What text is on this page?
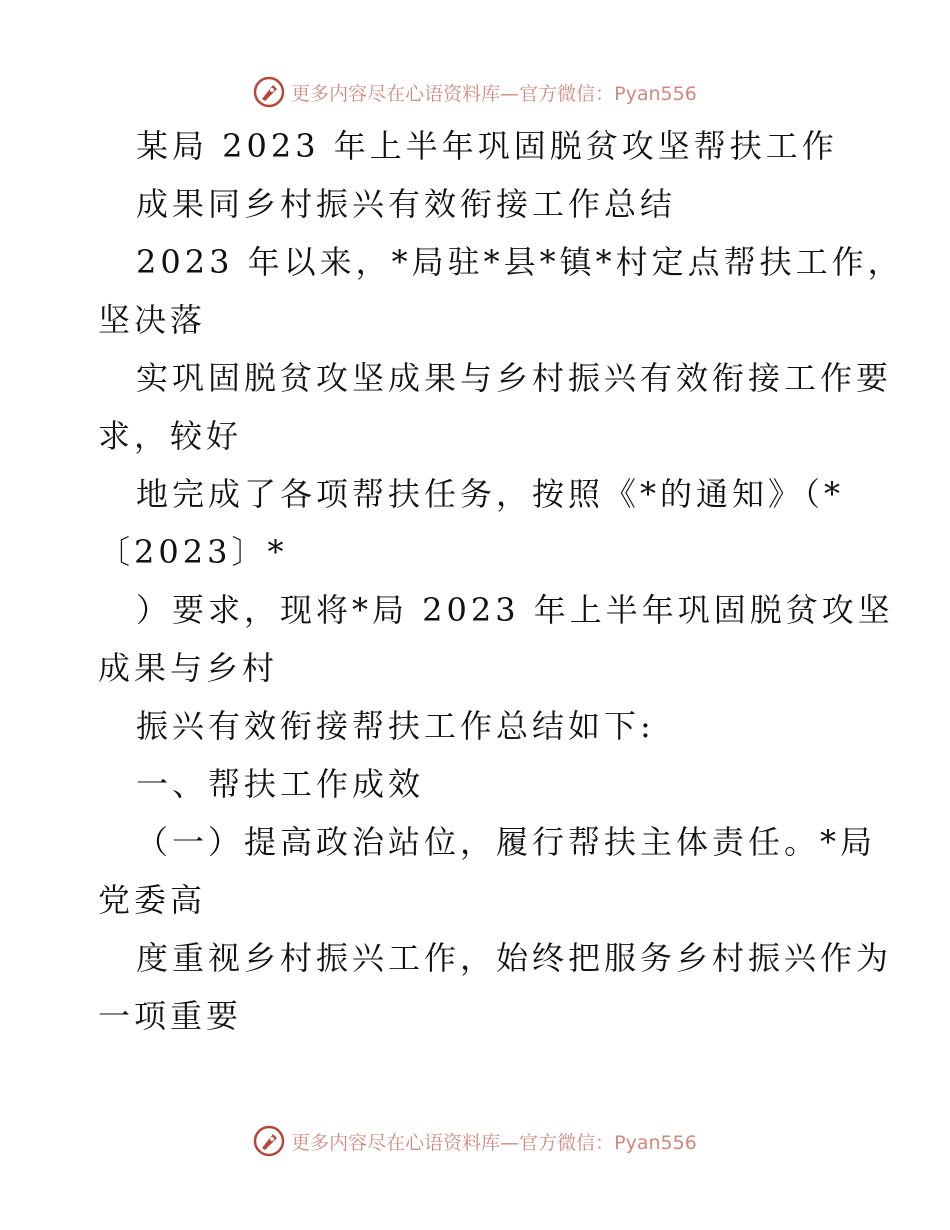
更多内容尽在心语资料库—官方微信：Pyan556
某局 2023 年上半年巩固脱贫攻坚帮扶工作
成果同乡村振兴有效衔接工作总结
2023 年以来，*局驻*县*镇*村定点帮扶工作，
坚决落
实巩固脱贫攻坚成果与乡村振兴有效衔接工作要
求，较好
地完成了各项帮扶任务，按照《*的通知》（*
〔2023〕*
）要求，现将*局 2023 年上半年巩固脱贫攻坚
成果与乡村
振兴有效衔接帮扶工作总结如下:
一、帮扶工作成效
（一）提高政治站位，履行帮扶主体责任。*局
党委高
度重视乡村振兴工作，始终把服务乡村振兴作为
一项重要
更多内容尽在心语资料库—官方微信：Pyan556
